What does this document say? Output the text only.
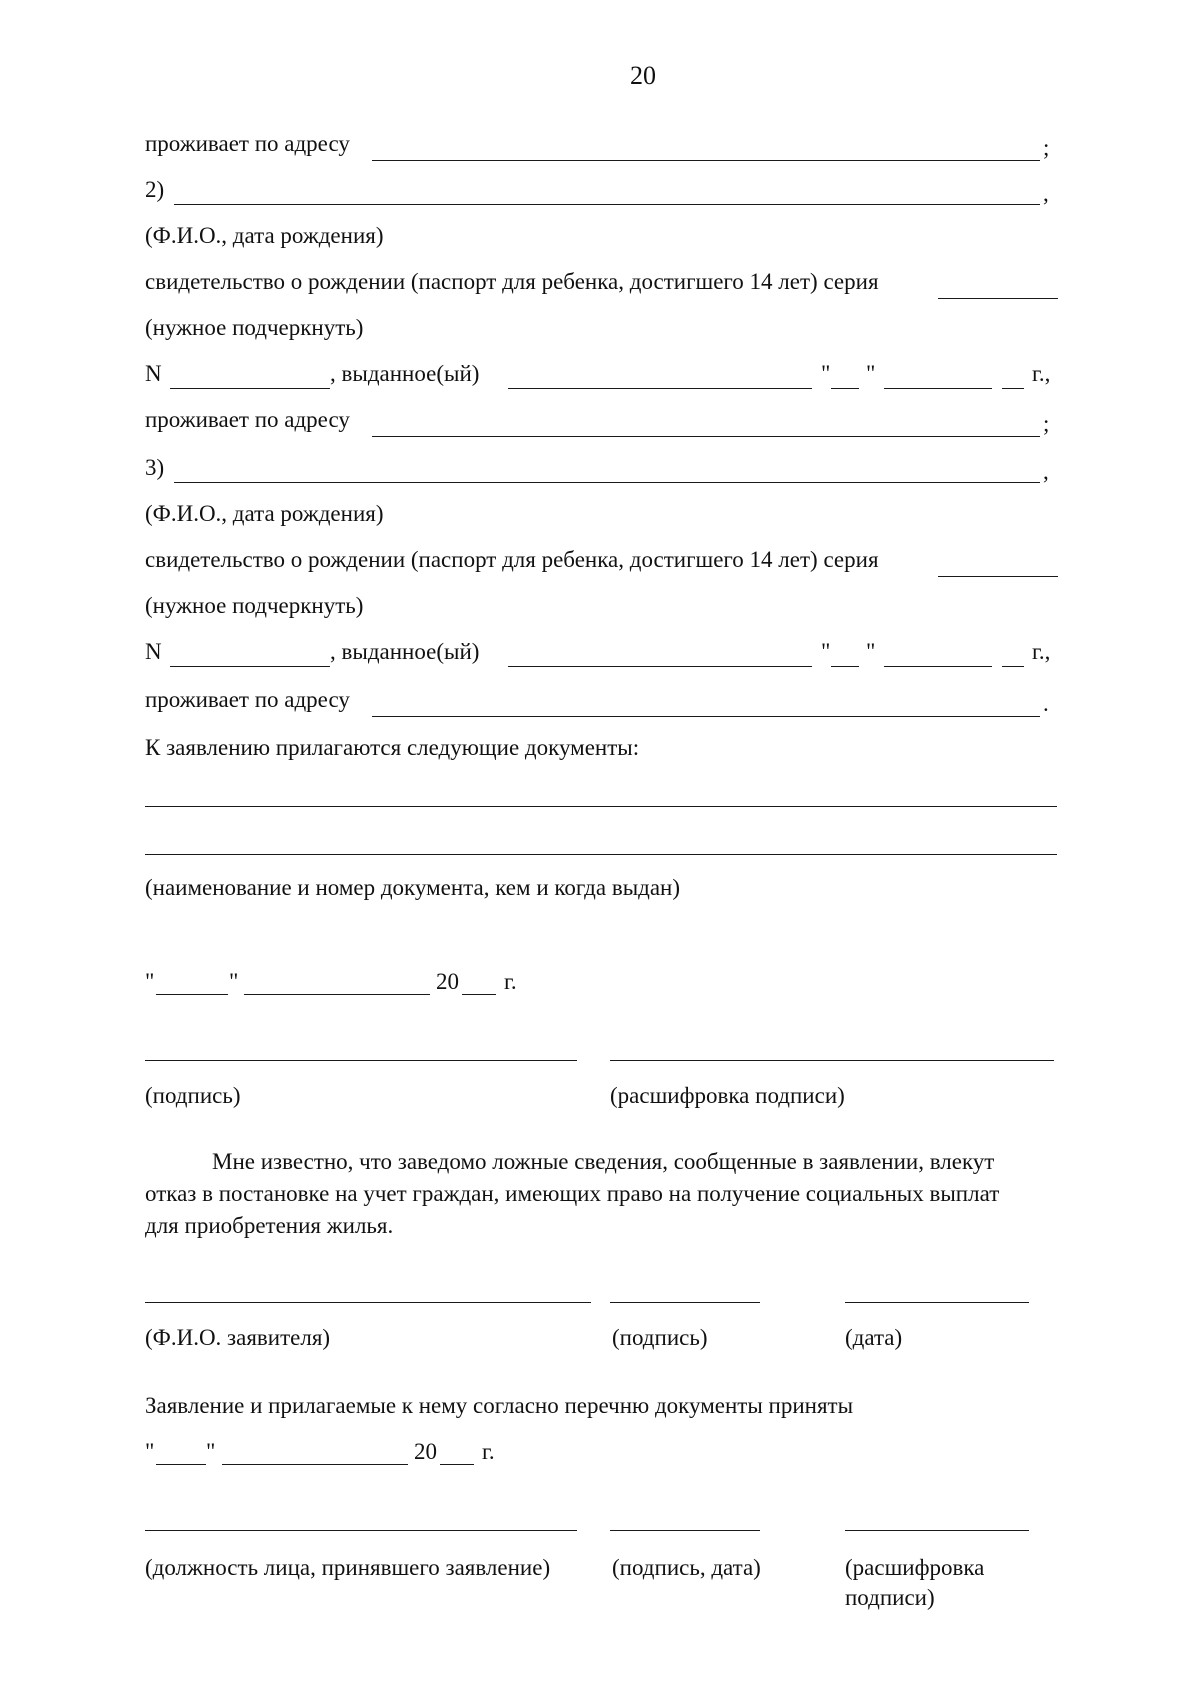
20
проживает по адресу	;
2)	,
(Ф.И.О., дата рождения)
свидетельство о рождении (паспорт для ребенка, достигшего 14 лет) серия
(нужное подчеркнуть)
N	, выданное(ый)	" "	г.,
проживает по адресу	;
3)	,
(Ф.И.О., дата рождения)
свидетельство о рождении (паспорт для ребенка, достигшего 14 лет) серия
(нужное подчеркнуть)
N	, выданное(ый)	" "	г.,
проживает по адресу	.
К заявлению прилагаются следующие документы:
(наименование и номер документа, кем и когда выдан)
"	"	20 г.
(подпись)	(расшифровка подписи)
Мне известно, что заведомо ложные сведения, сообщенные в заявлении, влекут
отказ в постановке на учет граждан, имеющих право на получение социальных выплат
для приобретения жилья.
(Ф.И.О. заявителя)	(подпись)	(дата)
Заявление и прилагаемые к нему согласно перечню документы приняты
" "	20 г.
(должность лица, принявшего заявление)	(подпись, дата)	(расшифровка
подписи)
